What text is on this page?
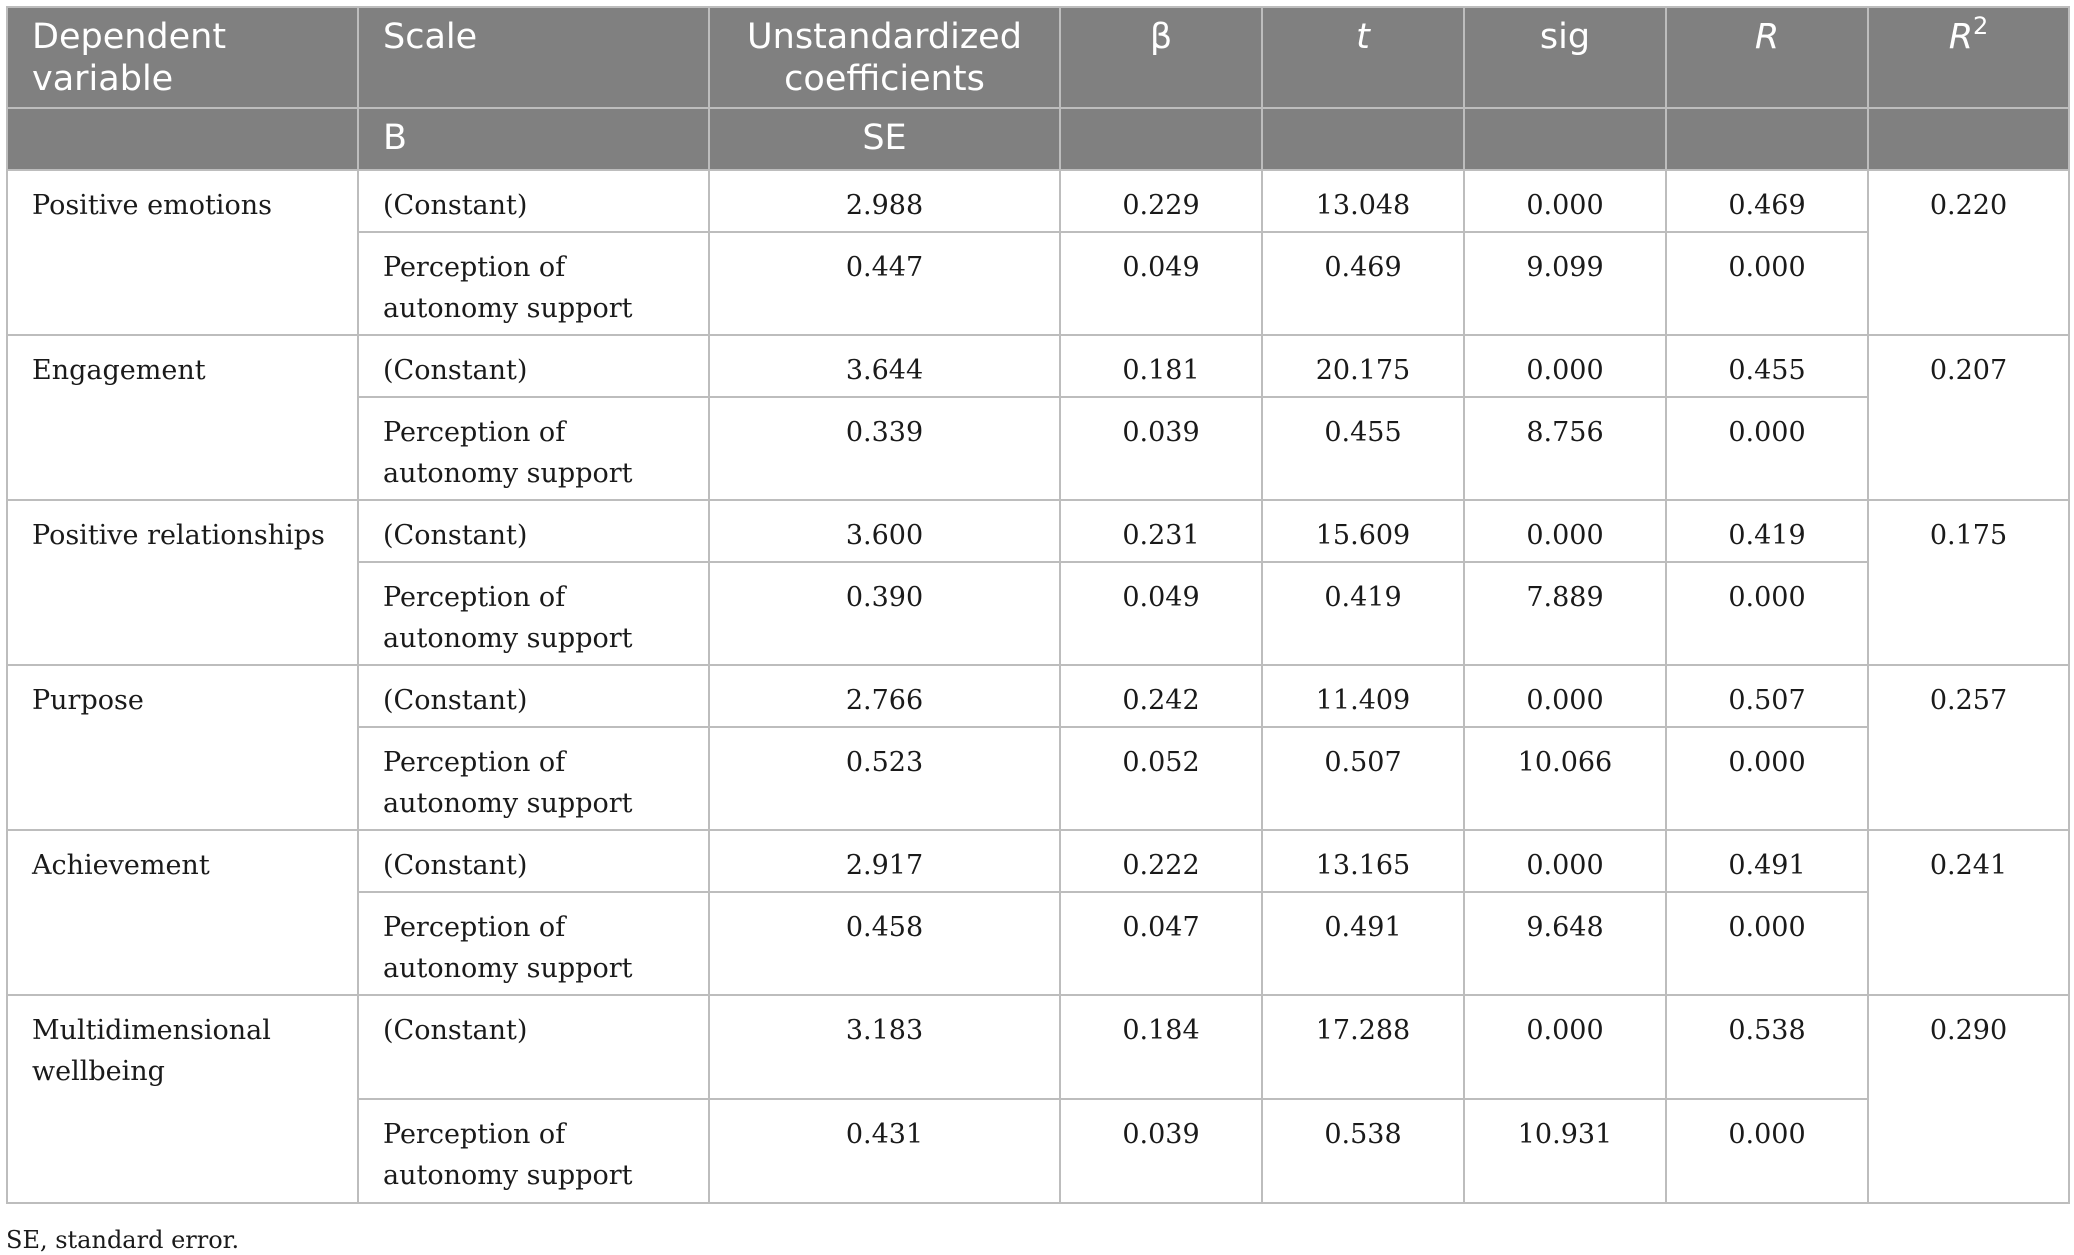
Dependent variable	Scale	Unstandardized coefficients	β	t	sig	R	$R^2$
	B	SE					
Positive emotions	(Constant)	2.988	0.229	13.048	0.000	0.469	0.220
	Perception of autonomy support	0.447	0.049	0.469	9.099	0.000	
Engagement	(Constant)	3.644	0.181	20.175	0.000	0.455	0.207
	Perception of autonomy support	0.339	0.039	0.455	8.756	0.000	
Positive relationships	(Constant)	3.600	0.231	15.609	0.000	0.419	0.175
	Perception of autonomy support	0.390	0.049	0.419	7.889	0.000	
Purpose	(Constant)	2.766	0.242	11.409	0.000	0.507	0.257
	Perception of autonomy support	0.523	0.052	0.507	10.066	0.000	
Achievement	(Constant)	2.917	0.222	13.165	0.000	0.491	0.241
	Perception of autonomy support	0.458	0.047	0.491	9.648	0.000	
Multidimensional wellbeing	(Constant)	3.183	0.184	17.288	0.000	0.538	0.290
	Perception of autonomy support	0.431	0.039	0.538	10.931	0.000	
SE, standard error.
